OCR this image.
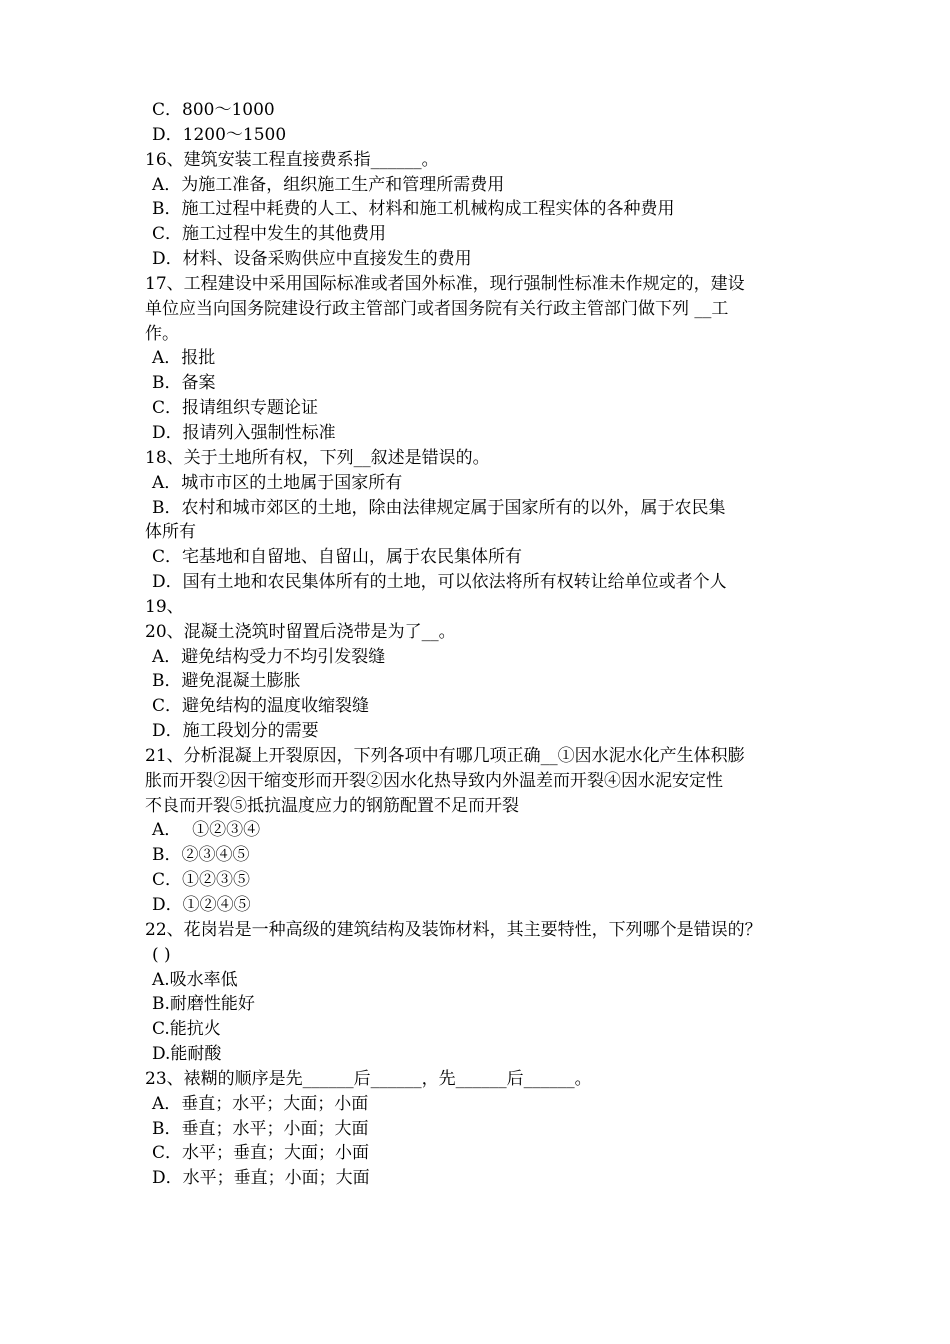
C．800～1000
D．1200～1500
16、建筑安装工程直接费系指______。
A．为施工准备，组织施工生产和管理所需费用
B．施工过程中耗费的人工、材料和施工机械构成工程实体的各种费用
C．施工过程中发生的其他费用
D．材料、设备采购供应中直接发生的费用
17、工程建设中采用国际标准或者国外标准，现行强制性标准未作规定的，建设
单位应当向国务院建设行政主管部门或者国务院有关行政主管部门做下列 __工
作。
A．报批
B．备案
C．报请组织专题论证
D．报请列入强制性标准
18、关于土地所有权，下列__叙述是错误的。
A．城市市区的土地属于国家所有
B．农村和城市郊区的土地，除由法律规定属于国家所有的以外，属于农民集
体所有
C．宅基地和自留地、自留山，属于农民集体所有
D．国有土地和农民集体所有的土地，可以依法将所有权转让给单位或者个人
19、
20、混凝土浇筑时留置后浇带是为了__。
A．避免结构受力不均引发裂缝
B．避免混凝土膨胀
C．避免结构的温度收缩裂缝
D．施工段划分的需要
21、分析混凝上开裂原因，下列各项中有哪几项正确__①因水泥水化产生体积膨
胀而开裂②因干缩变形而开裂②因水化热导致内外温差而开裂④因水泥安定性
不良而开裂⑤抵抗温度应力的钢筋配置不足而开裂
A．  ①②③④
B．②③④⑤
C．①②③⑤
D．①②④⑤
22、花岗岩是一种高级的建筑结构及装饰材料，其主要特性，下列哪个是错误的？
( )
A.吸水率低
B.耐磨性能好
C.能抗火
D.能耐酸
23、裱糊的顺序是先______后______，先______后______。
A．垂直；水平；大面；小面
B．垂直；水平；小面；大面
C．水平；垂直；大面；小面
D．水平；垂直；小面；大面
